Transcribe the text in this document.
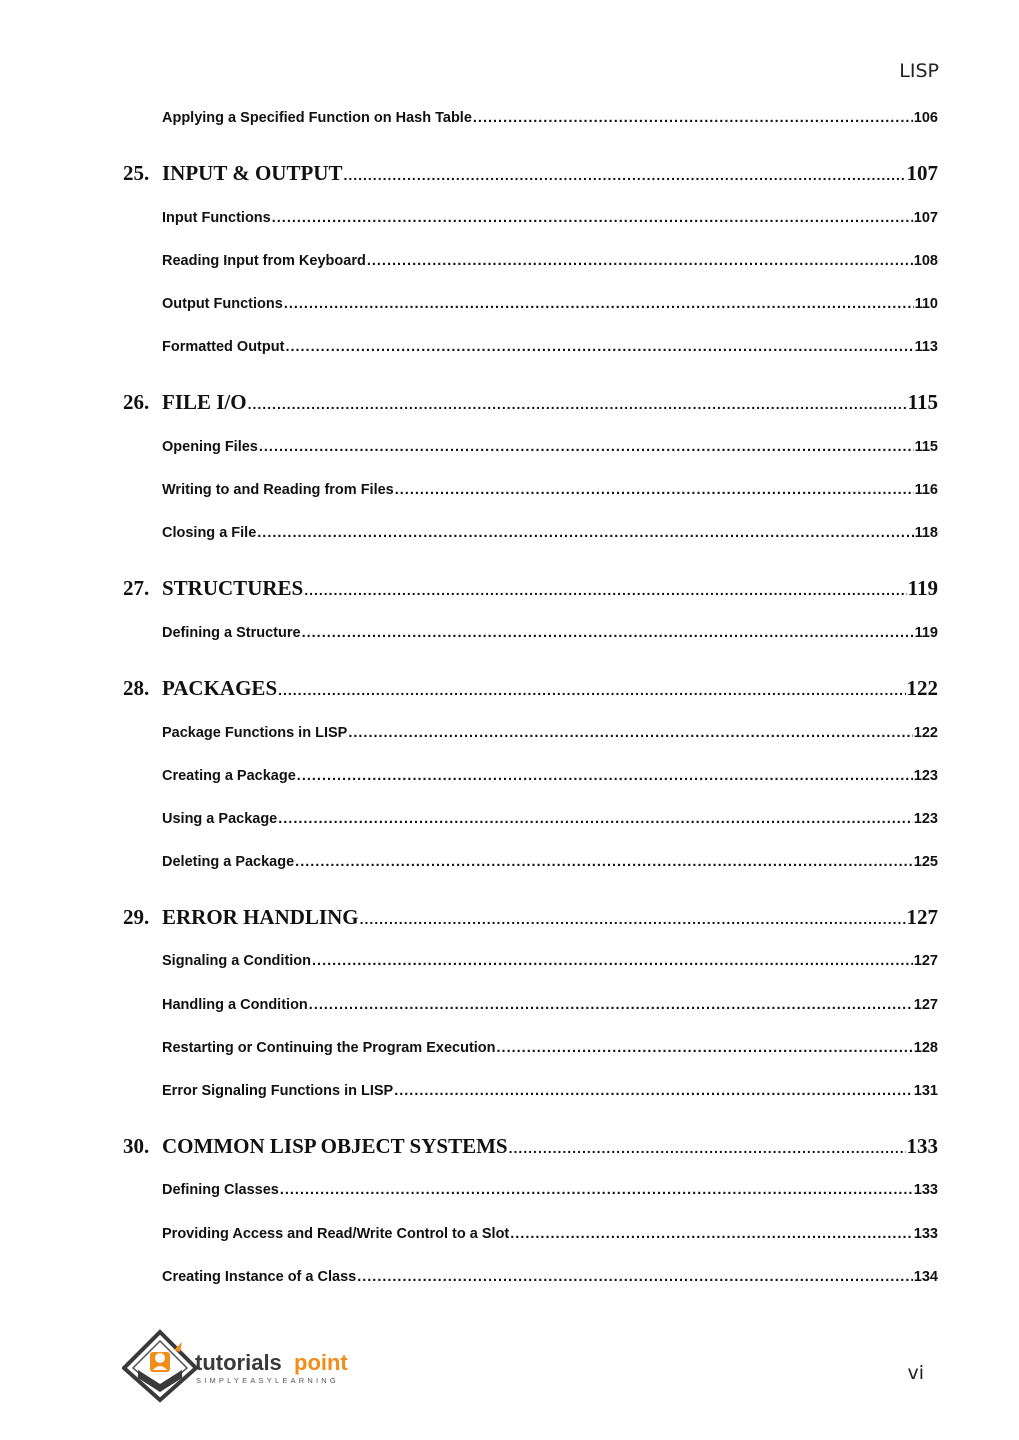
LISP
Applying a Specified Function on Hash Table .....	106
25. INPUT & OUTPUT .....	107
Input Functions .....	107
Reading Input from Keyboard .....	108
Output Functions .....	110
Formatted Output .....	113
26. FILE I/O .....	115
Opening Files .....	115
Writing to and Reading from Files .....	116
Closing a File .....	118
27. STRUCTURES .....	119
Defining a Structure .....	119
28. PACKAGES .....	122
Package Functions in LISP .....	122
Creating a Package .....	123
Using a Package .....	123
Deleting a Package .....	125
29. ERROR HANDLING .....	127
Signaling a Condition .....	127
Handling a Condition .....	127
Restarting or Continuing the Program Execution .....	128
Error Signaling Functions in LISP .....	131
30. COMMON LISP OBJECT SYSTEMS .....	133
Defining Classes .....	133
Providing Access and Read/Write Control to a Slot .....	133
Creating Instance of a Class .....	134
tutorials point
SIMPLYEASYLEARNING	vi
